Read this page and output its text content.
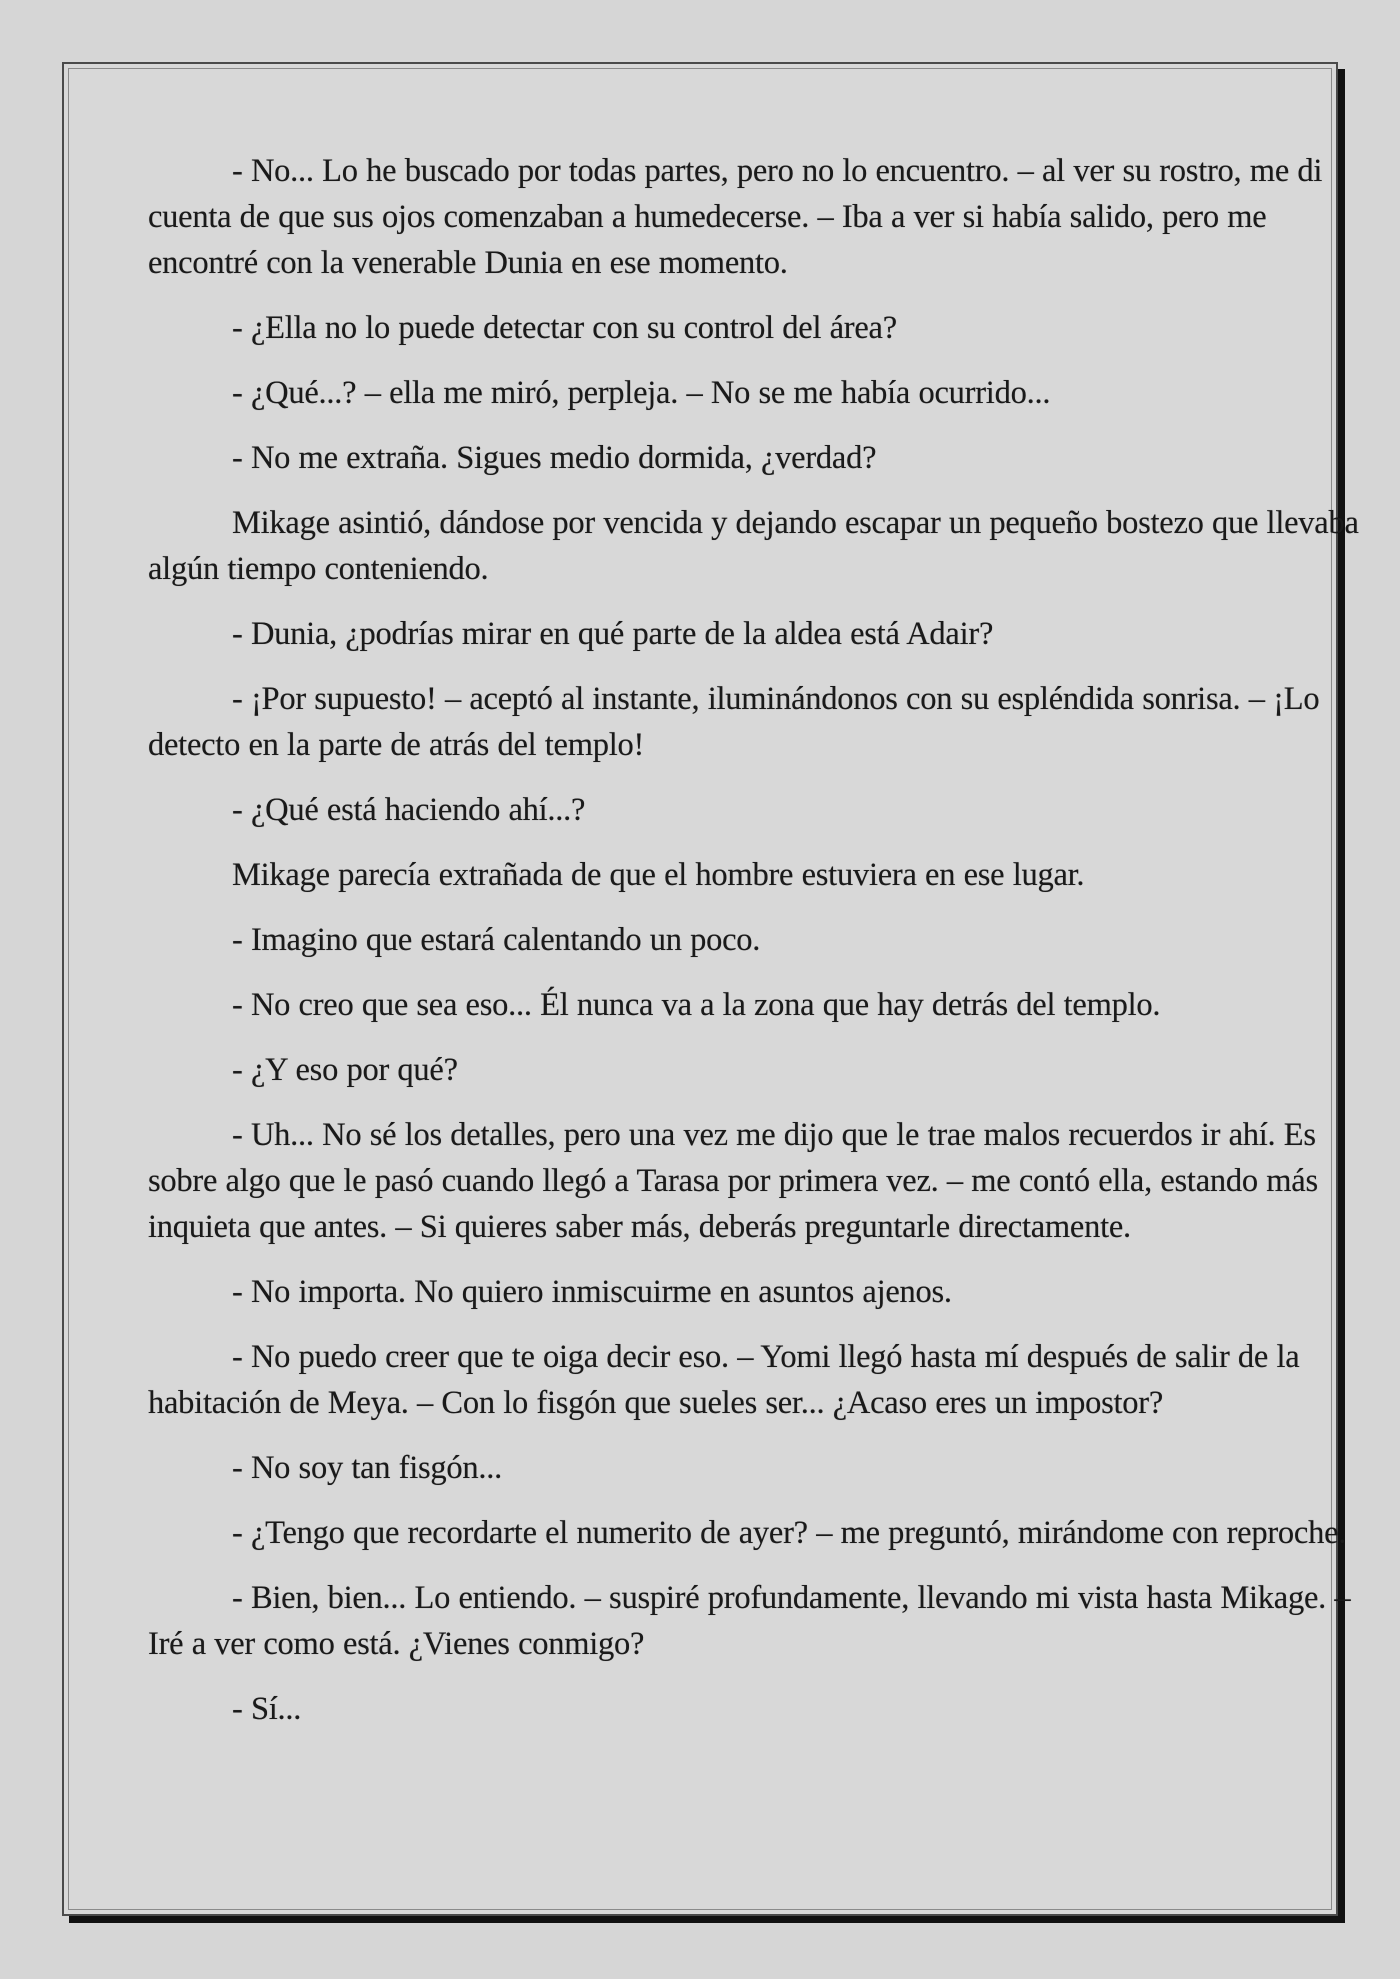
- No... Lo he buscado por todas partes, pero no lo encuentro. – al ver su rostro, me di cuenta de que sus ojos comenzaban a humedecerse. – Iba a ver si había salido, pero me encontré con la venerable Dunia en ese momento.

- ¿Ella no lo puede detectar con su control del área?

- ¿Qué...? – ella me miró, perpleja. – No se me había ocurrido...

- No me extraña. Sigues medio dormida, ¿verdad?

Mikage asintió, dándose por vencida y dejando escapar un pequeño bostezo que llevaba algún tiempo conteniendo.

- Dunia, ¿podrías mirar en qué parte de la aldea está Adair?

- ¡Por supuesto! – aceptó al instante, iluminándonos con su espléndida sonrisa. – ¡Lo detecto en la parte de atrás del templo!

- ¿Qué está haciendo ahí...?

Mikage parecía extrañada de que el hombre estuviera en ese lugar.

- Imagino que estará calentando un poco.

- No creo que sea eso... Él nunca va a la zona que hay detrás del templo.

- ¿Y eso por qué?

- Uh... No sé los detalles, pero una vez me dijo que le trae malos recuerdos ir ahí. Es sobre algo que le pasó cuando llegó a Tarasa por primera vez. – me contó ella, estando más inquieta que antes. – Si quieres saber más, deberás preguntarle directamente.

- No importa. No quiero inmiscuirme en asuntos ajenos.

- No puedo creer que te oiga decir eso. – Yomi llegó hasta mí después de salir de la habitación de Meya. – Con lo fisgón que sueles ser... ¿Acaso eres un impostor?

- No soy tan fisgón...

- ¿Tengo que recordarte el numerito de ayer? – me preguntó, mirándome con reproche.

- Bien, bien... Lo entiendo. – suspiré profundamente, llevando mi vista hasta Mikage. – Iré a ver como está. ¿Vienes conmigo?

- Sí...
